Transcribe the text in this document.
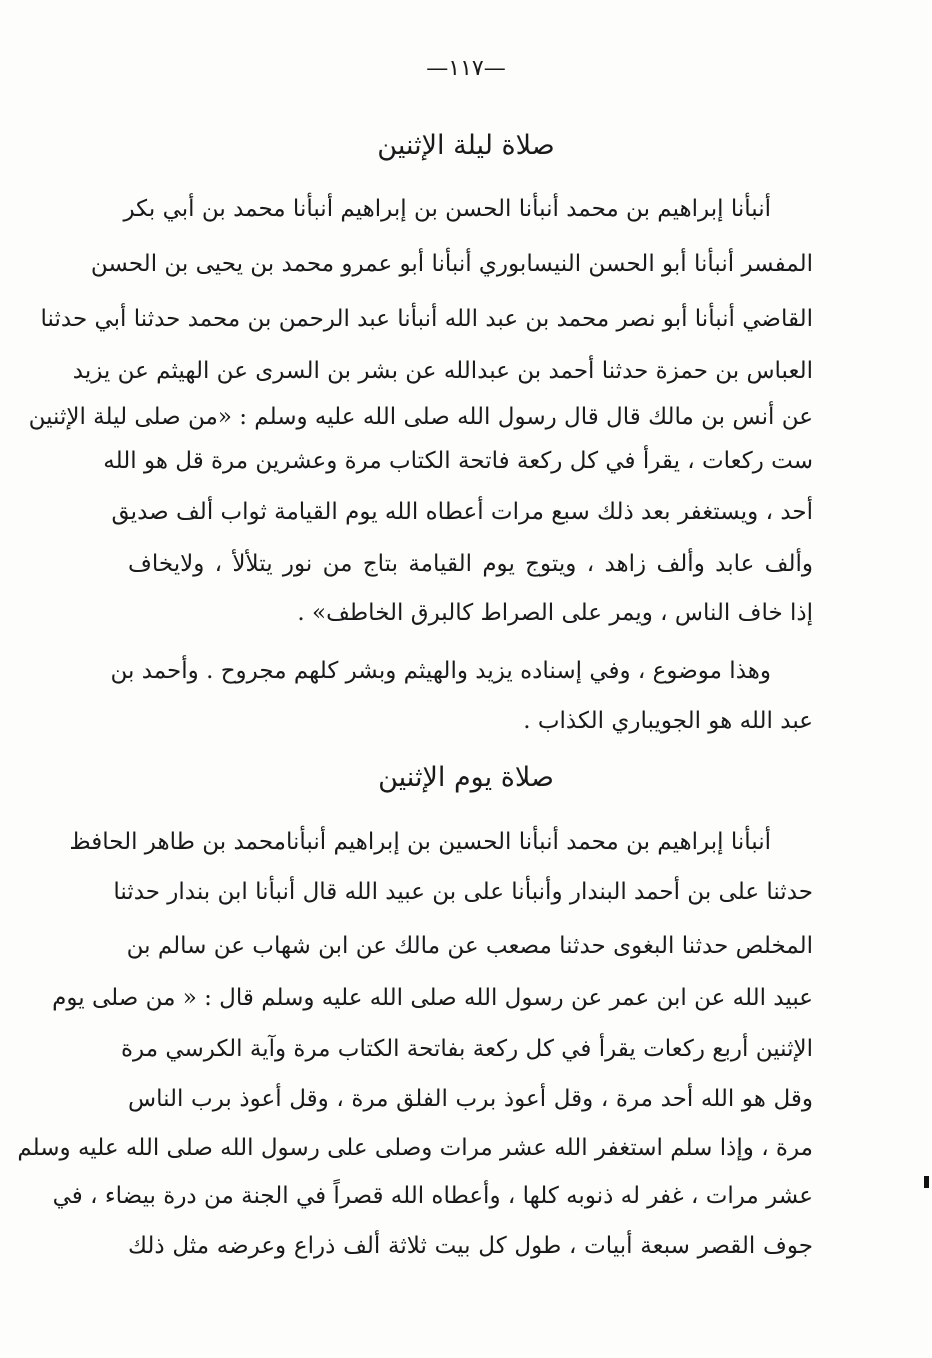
—١١٧—
صلاة ليلة الإثنين
أنبأنا إبراهيم بن محمد أنبأنا الحسن بن إبراهيم أنبأنا محمد بن أبي بكر
المفسر أنبأنا أبو الحسن النيسابوري أنبأنا أبو عمرو محمد بن يحيى بن الحسن
القاضي أنبأنا أبو نصر محمد بن عبد الله أنبأنا عبد الرحمن بن محمد حدثنا أبي حدثنا
العباس بن حمزة حدثنا أحمد بن عبدالله عن بشر بن السرى عن الهيثم عن يزيد
عن أنس بن مالك قال قال رسول الله صلى الله عليه وسلم : «من صلى ليلة الإثنين
ست ركعات ، يقرأ في كل ركعة فاتحة الكتاب مرة وعشرين مرة قل هو الله
أحد ، ويستغفر بعد ذلك سبع مرات أعطاه الله يوم القيامة ثواب ألف صديق
وألف عابد وألف زاهد ، ويتوج يوم القيامة بتاج من نور يتلألأ ، ولايخاف
إذا خاف الناس ، ويمر على الصراط كالبرق الخاطف» .
وهذا موضوع ، وفي إسناده يزيد والهيثم وبشر كلهم مجروح . وأحمد بن
عبد الله هو الجويباري الكذاب .
صلاة يوم الإثنين
أنبأنا إبراهيم بن محمد أنبأنا الحسين بن إبراهيم أنبأنامحمد بن طاهر الحافظ
حدثنا على بن أحمد البندار وأنبأنا على بن عبيد الله قال أنبأنا ابن بندار حدثنا
المخلص حدثنا البغوى حدثنا مصعب عن مالك عن ابن شهاب عن سالم بن
عبيد الله عن ابن عمر عن رسول الله صلى الله عليه وسلم قال : « من صلى يوم
الإثنين أربع ركعات يقرأ في كل ركعة بفاتحة الكتاب مرة وآية الكرسي مرة
وقل هو الله أحد مرة ، وقل أعوذ برب الفلق مرة ، وقل أعوذ برب الناس
مرة ، وإذا سلم استغفر الله عشر مرات وصلى على رسول الله صلى الله عليه وسلم
عشر مرات ، غفر له ذنوبه كلها ، وأعطاه الله قصراً في الجنة من درة بيضاء ، في
جوف القصر سبعة أبيات ، طول كل بيت ثلاثة ألف ذراع وعرضه مثل ذلك
